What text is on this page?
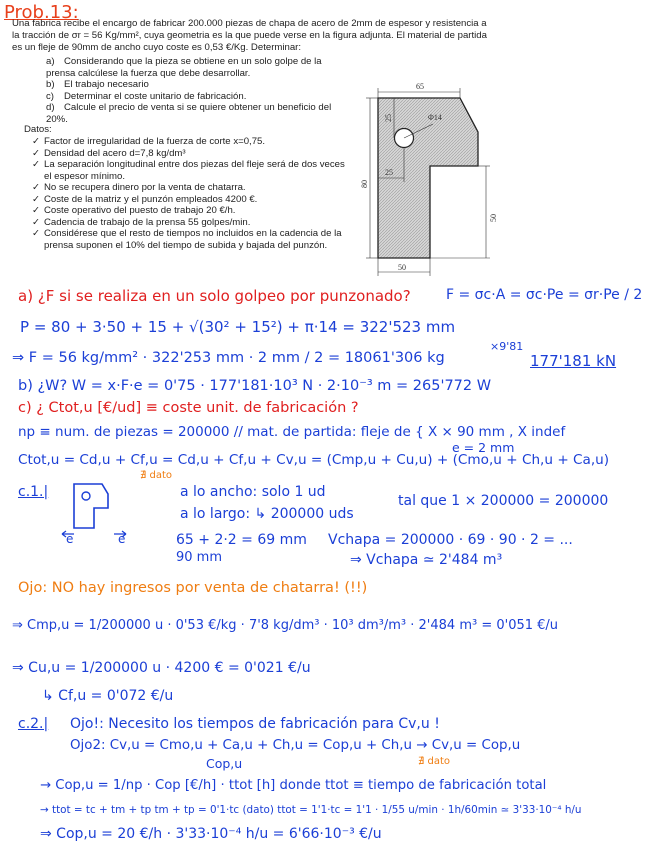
Prob.13:
Una fabrica recibe el encargo de fabricar 200.000 piezas de chapa de acero de 2mm de espesor y resistencia a la tracción de σr = 56 Kg/mm², cuya geometria es la que puede verse en la figura adjunta. El material de partida es un fleje de 90mm de ancho cuyo coste es 0,53 €/Kg. Determinar:
a) Considerando que la pieza se obtiene en un solo golpe de la prensa calcúlese la fuerza que debe desarrollar.
b) El trabajo necesario
c) Determinar el coste unitario de fabricación.
d) Calcule el precio de venta si se quiere obtener un beneficio del 20%.
Datos:
✓ Factor de irregularidad de la fuerza de corte x=0,75.
✓ Densidad del acero d=7,8 kg/dm³
✓ La separación longitudinal entre dos piezas del fleje será de dos veces el espesor mínimo.
✓ No se recupera dinero por la venta de chatarra.
✓ Coste de la matriz y el punzón empleados 4200 €.
✓ Coste operativo del puesto de trabajo 20 €/h.
✓ Cadencia de trabajo de la prensa 55 golpes/min.
✓ Considérese que el resto de tiempos no incluidos en la cadencia de la prensa suponen el 10% del tiempo de subida y bajada del punzón.
65
25	Φ14
25
80
50
50
a) ¿F si se realiza en un solo golpeo por punzonado?	F = σc·A = σc·Pe = σr·Pe / 2
P = 80 + 3·50 + 15 + √(30² + 15²) + π·14 = 322'523 mm
⇒ F = 56 kg/mm² · 322'253 mm · 2 mm / 2 = 18061'306 kg
×9'81
177'181 kN
b) ¿W? W = x·F·e = 0'75 · 177'181·10³ N · 2·10⁻³ m = 265'772 W
c) ¿ Ctot,u [€/ud] ≡ coste unit. de fabricación ?
np ≡ num. de piezas = 200000 // mat. de partida: fleje de { X × 90 mm , X indef
e = 2 mm
Ctot,u = Cd,u + Cf,u = Cd,u + Cf,u + Cv,u = (Cmp,u + Cu,u) + (Cmo,u + Ch,u + Ca,u)
∄ dato
c.1.|
e	e
a lo ancho: solo 1 ud
a lo largo: ↳ 200000 uds
tal que 1 × 200000 = 200000
65 + 2·2 = 69 mm
90 mm
Vchapa = 200000 · 69 · 90 · 2 = ...
⇒ Vchapa ≃ 2'484 m³
Ojo: NO hay ingresos por venta de chatarra! (!!)
⇒ Cmp,u = 1/200000 u · 0'53 €/kg · 7'8 kg/dm³ · 10³ dm³/m³ · 2'484 m³ = 0'051 €/u
⇒ Cu,u = 1/200000 u · 4200 € = 0'021 €/u
↳ Cf,u = 0'072 €/u
c.2.| Ojo!: Necesito los tiempos de fabricación para Cv,u !
Ojo2: Cv,u = Cmo,u + Ca,u + Ch,u = Cop,u + Ch,u → Cv,u = Cop,u
Cop,u	∄ dato
→ Cop,u = 1/np · Cop [€/h] · ttot [h] donde ttot ≡ tiempo de fabricación total
→ ttot = tc + tm + tp tm + tp = 0'1·tc (dato) ttot = 1'1·tc = 1'1 · 1/55 u/min · 1h/60min ≃ 3'33·10⁻⁴ h/u
⇒ Cop,u = 20 €/h · 3'33·10⁻⁴ h/u = 6'66·10⁻³ €/u
